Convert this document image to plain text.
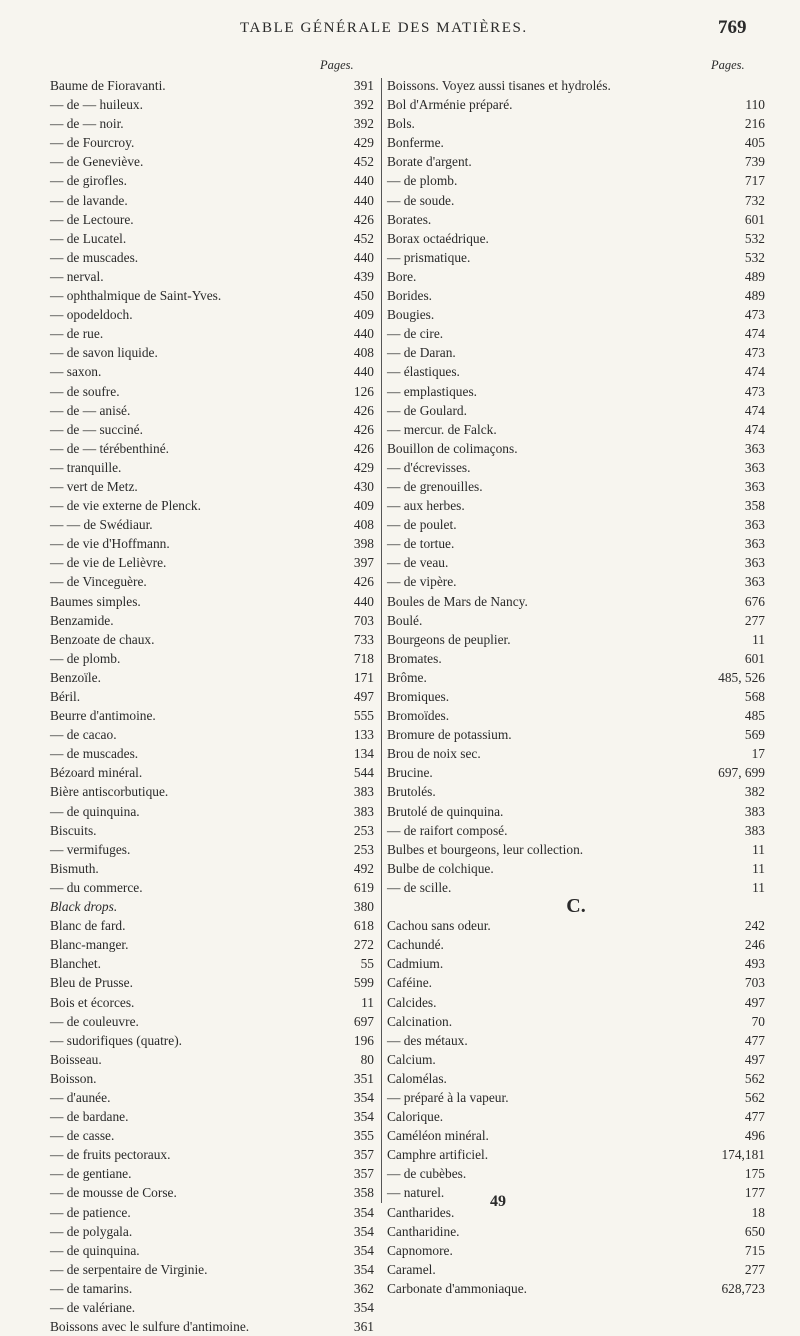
TABLE GÉNÉRALE DES MATIÈRES.	769
Pages.
Baume de Fioravanti.	391
— de — huileux.	392
— de — noir.	392
— de Fourcroy.	429
— de Geneviève.	452
— de girofles.	440
— de lavande.	440
— de Lectoure.	426
— de Lucatel.	452
— de muscades.	440
— nerval.	439
— ophthalmique de Saint-Yves.	450
— opodeldoch.	409
— de rue.	440
— de savon liquide.	408
— saxon.	440
— de soufre.	126
— de — anisé.	426
— de — succiné.	426
— de — térébenthiné.	426
— tranquille.	429
— vert de Metz.	430
— de vie externe de Plenck.	409
— — de Swédiaur.	408
— de vie d'Hoffmann.	398
— de vie de Lelièvre.	397
— de Vinceguère.	426
Baumes simples.	440
Benzamide.	703
Benzoate de chaux.	733
— de plomb.	718
Benzoïle.	171
Béril.	497
Beurre d'antimoine.	555
— de cacao.	133
— de muscades.	134
Bézoard minéral.	544
Bière antiscorbutique.	383
— de quinquina.	383
Biscuits.	253
— vermifuges.	253
Bismuth.	492
— du commerce.	619
Black drops.	380
Blanc de fard.	618
Blanc-manger.	272
Blanchet.	55
Bleu de Prusse.	599
Bois et écorces.	11
— de couleuvre.	697
— sudorifiques (quatre).	196
Boisseau.	80
Boisson.	351
— d'aunée.	354
— de bardane.	354
— de casse.	355
— de fruits pectoraux.	357
— de gentiane.	357
— de mousse de Corse.	358
— de patience.	354
— de polygala.	354
— de quinquina.	354
— de serpentaire de Virginie.	354
— de tamarins.	362
— de valériane.	354
Boissons avec le sulfure d'antimoine.	361
Pages.
Boissons. Voyez aussi tisanes et hydrolés.
Bol d'Arménie préparé.	110
Bols.	216
Bonferme.	405
Borate d'argent.	739
— de plomb.	717
— de soude.	732
Borates.	601
Borax octaédrique.	532
— prismatique.	532
Bore.	489
Borides.	489
Bougies.	473
— de cire.	474
— de Daran.	473
— élastiques.	474
— emplastiques.	473
— de Goulard.	474
— mercur. de Falck.	474
Bouillon de colimaçons.	363
— d'écrevisses.	363
— de grenouilles.	363
— aux herbes.	358
— de poulet.	363
— de tortue.	363
— de veau.	363
— de vipère.	363
Boules de Mars de Nancy.	676
Boulé.	277
Bourgeons de peuplier.	11
Bromates.	601
Brôme.	485, 526
Bromiques.	568
Bromoïdes.	485
Bromure de potassium.	569
Brou de noix sec.	17
Brucine.	697, 699
Brutolés.	382
Brutolé de quinquina.	383
— de raifort composé.	383
Bulbes et bourgeons, leur collection.	11
Bulbe de colchique.	11
— de scille.	11
C.
Cachou sans odeur.	242
Cachundé.	246
Cadmium.	493
Caféine.	703
Calcides.	497
Calcination.	70
— des métaux.	477
Calcium.	497
Calomélas.	562
— préparé à la vapeur.	562
Calorique.	477
Caméléon minéral.	496
Camphre artificiel.	174,181
— de cubèbes.	175
— naturel.	177
Cantharides.	18
Cantharidine.	650
Capnomore.	715
Caramel.	277
Carbonate d'ammoniaque.	628,723
49
